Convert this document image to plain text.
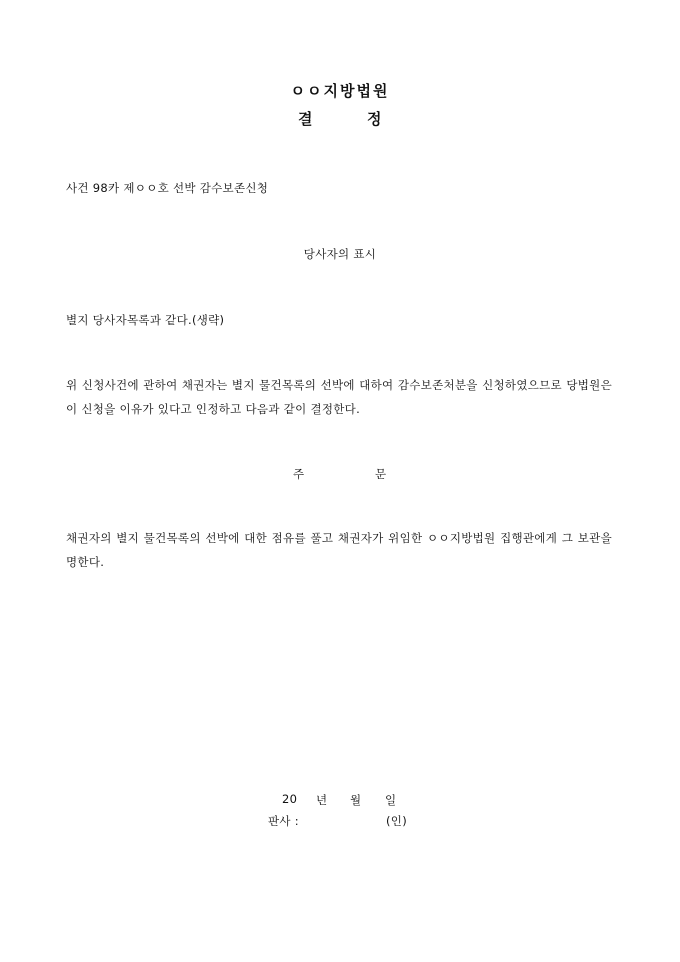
ㅇㅇ지방법원
결	정
사건 98카 제ㅇㅇ호 선박 감수보존신청
당사자의 표시
별지 당사자목록과 같다.(생략)
위 신청사건에 관하여 채권자는 별지 물건목록의 선박에 대하여 감수보존처분을 신청하였으므로 당법원은 이 신청을 이유가 있다고 인정하고 다음과 같이 결정한다.
주	문
채권자의 별지 물건목록의 선박에 대한 점유를 풀고 채권자가 위임한 ㅇㅇ지방법원 집행관에게 그 보관을 명한다.
20 년 월 일
판사 :	(인)
